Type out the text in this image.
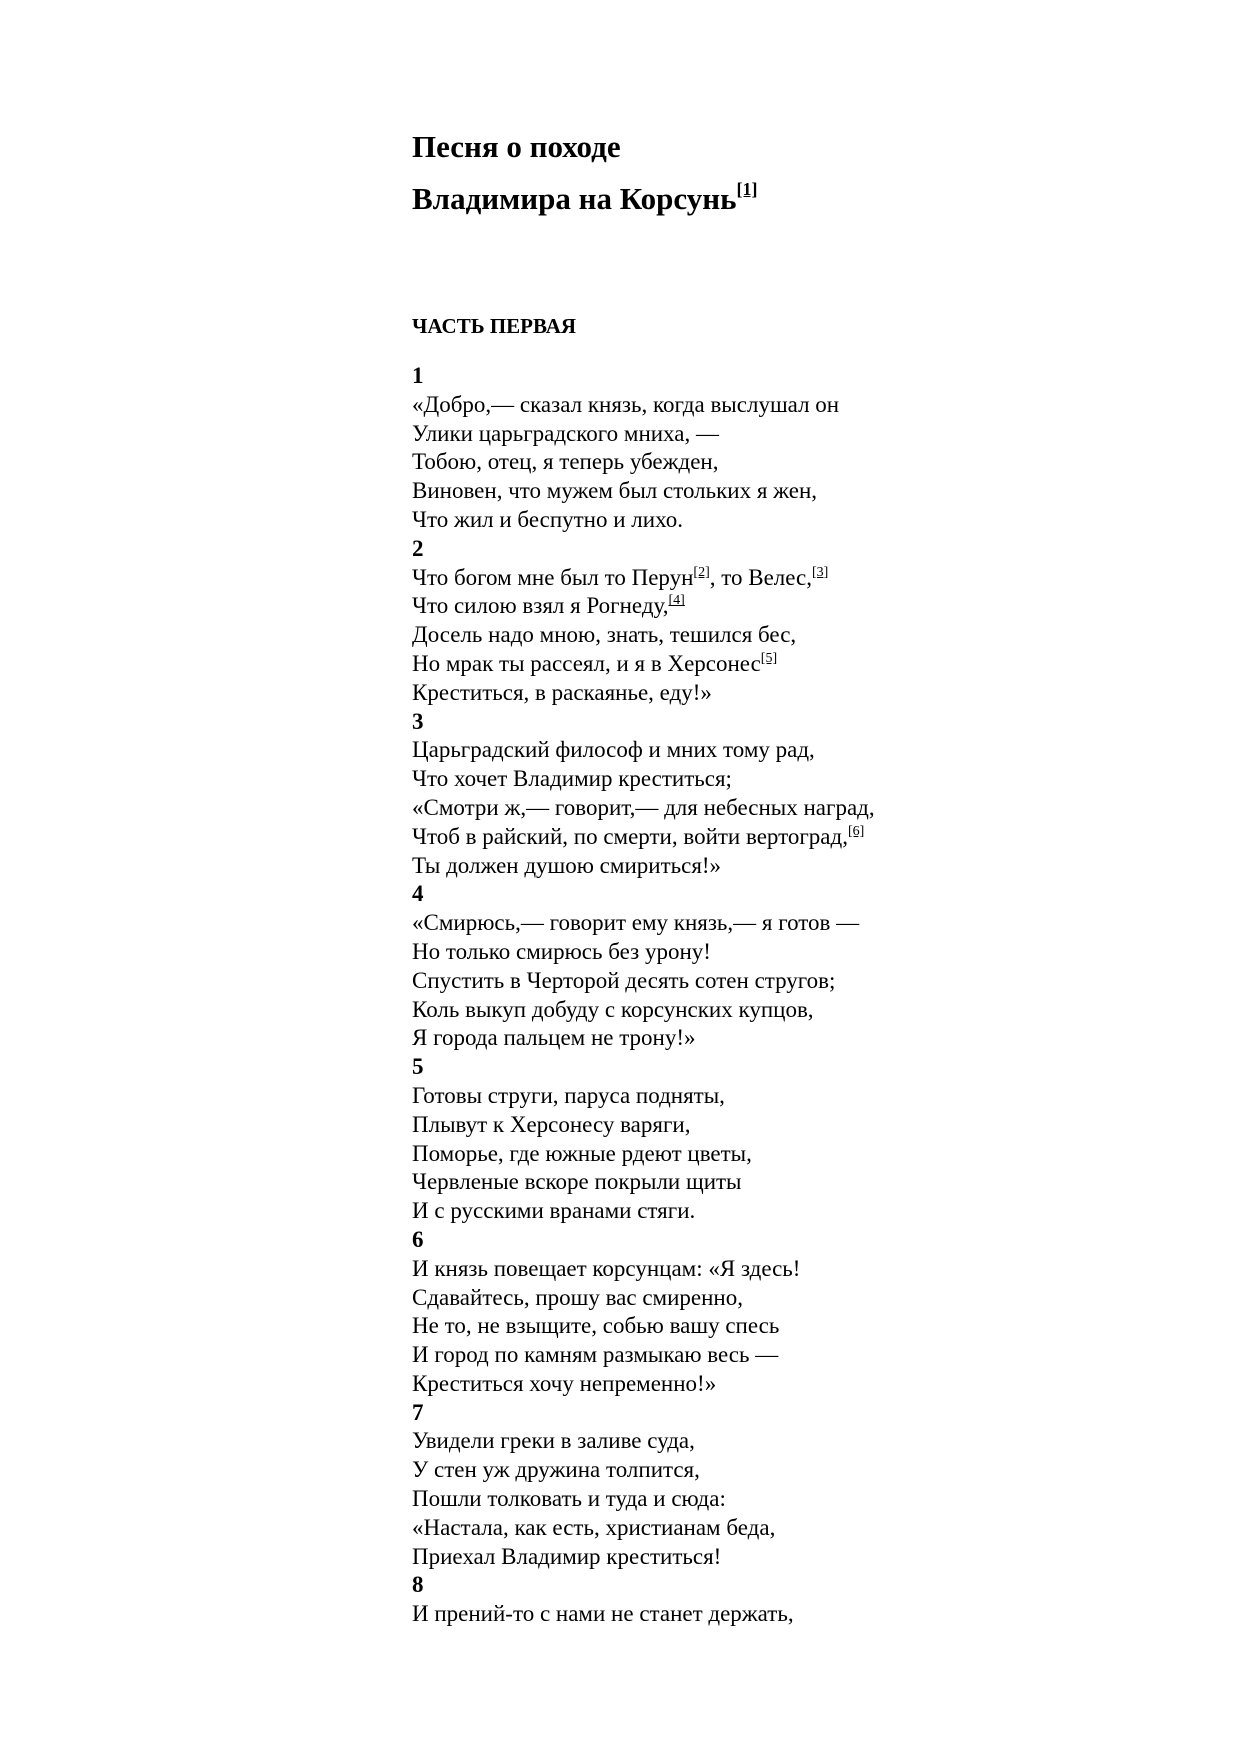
Песня о походе
Владимира на Корсунь[1]
ЧАСТЬ ПЕРВАЯ

1

«Добро,— сказал князь, когда выслушал он

Улики царьградского мниха, —

Тобою, отец, я теперь убежден,

Виновен, что мужем был стольких я жен,

Что жил и беспутно и лихо.

2

Что богом мне был то Перун[2], то Велес,[3]

Что силою взял я Рогнеду,[4]

Досель надо мною, знать, тешился бес,

Но мрак ты рассеял, и я в Херсонес[5]

Креститься, в раскаянье, еду!»

3

Царьградский философ и мних тому рад,

Что хочет Владимир креститься;

«Смотри ж,— говорит,— для небесных наград,

Чтоб в райский, по смерти, войти вертоград,[6]

Ты должен душою смириться!»

4

«Смирюсь,— говорит ему князь,— я готов —

Но только смирюсь без урону!

Спустить в Черторой десять сотен стругов;

Коль выкуп добуду с корсунских купцов,

Я города пальцем не трону!»

5

Готовы струги, паруса подняты,

Плывут к Херсонесу варяги,

Поморье, где южные рдеют цветы,

Червленые вскоре покрыли щиты

И с русскими вранами стяги.

6

И князь повещает корсунцам: «Я здесь!

Сдавайтесь, прошу вас смиренно,

Не то, не взыщите, собью вашу спесь

И город по камням размыкаю весь —

Креститься хочу непременно!»

7

Увидели греки в заливе суда,

У стен уж дружина толпится,

Пошли толковать и туда и сюда:

«Настала, как есть, христианам беда,

Приехал Владимир креститься!

8

И прений-то с нами не станет держать,
